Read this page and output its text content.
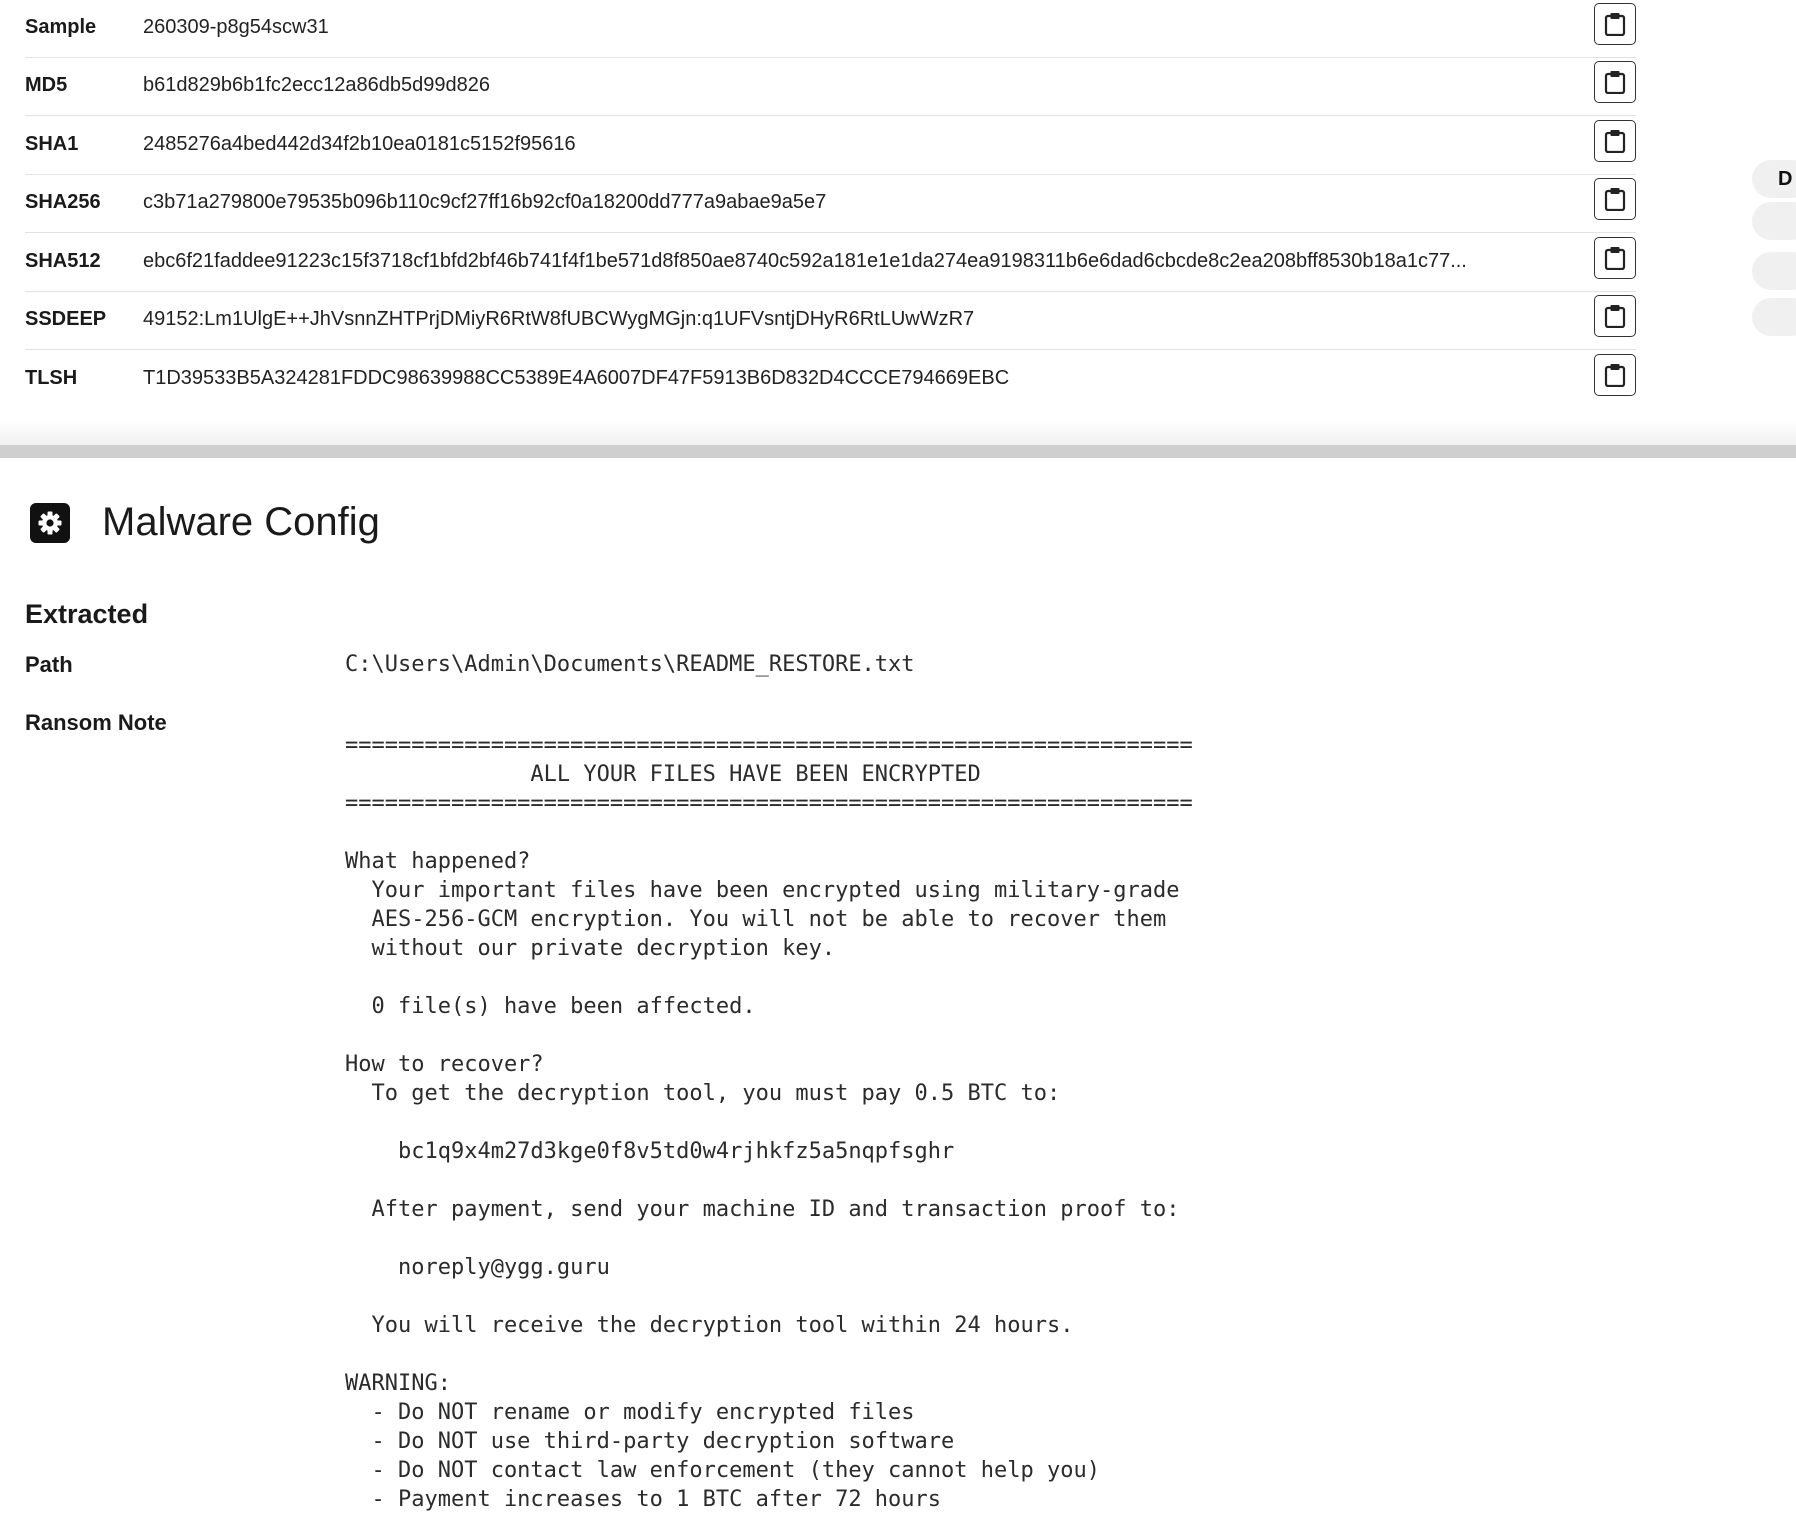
Sample 260309-p8g54scw31
MD5	b61d829b6b1fc2ecc12a86db5d99d826
SHA1	2485276a4bed442d34f2b10ea0181c5152f95616
SHA256 c3b71a279800e79535b096b110c9cf27ff16b92cf0a18200dd777a9abae9a5e7
SHA512 ebc6f21faddee91223c15f3718cf1bfd2bf46b741f4f1be571d8f850ae8740c592a181e1e1da274ea9198311b6e6dad6cbcde8c2ea208bff8530b18a1c77...
SSDEEP 49152:Lm1UlgE++JhVsnnZHTPrjDMiyR6RtW8fUBCWygMGjn:q1UFVsntjDHyR6RtLUwWzR7
TLSH	T1D39533B5A324281FDDC98639988CC5389E4A6007DF47F5913B6D832D4CCCE794669EBC
D
Malware Config
Extracted
Path	C:\Users\Admin\Documents\README_RESTORE.txt
Ransom Note
================================================================
ALL YOUR FILES HAVE BEEN ENCRYPTED
================================================================

What happened?
Your important files have been encrypted using military-grade
AES-256-GCM encryption. You will not be able to recover them
without our private decryption key.

0 file(s) have been affected.

How to recover?
To get the decryption tool, you must pay 0.5 BTC to:

bc1q9x4m27d3kge0f8v5td0w4rjhkfz5a5nqpfsghr

After payment, send your machine ID and transaction proof to:

noreply@ygg.guru

You will receive the decryption tool within 24 hours.

WARNING:
- Do NOT rename or modify encrypted files
- Do NOT use third-party decryption software
- Do NOT contact law enforcement (they cannot help you)
- Payment increases to 1 BTC after 72 hours
